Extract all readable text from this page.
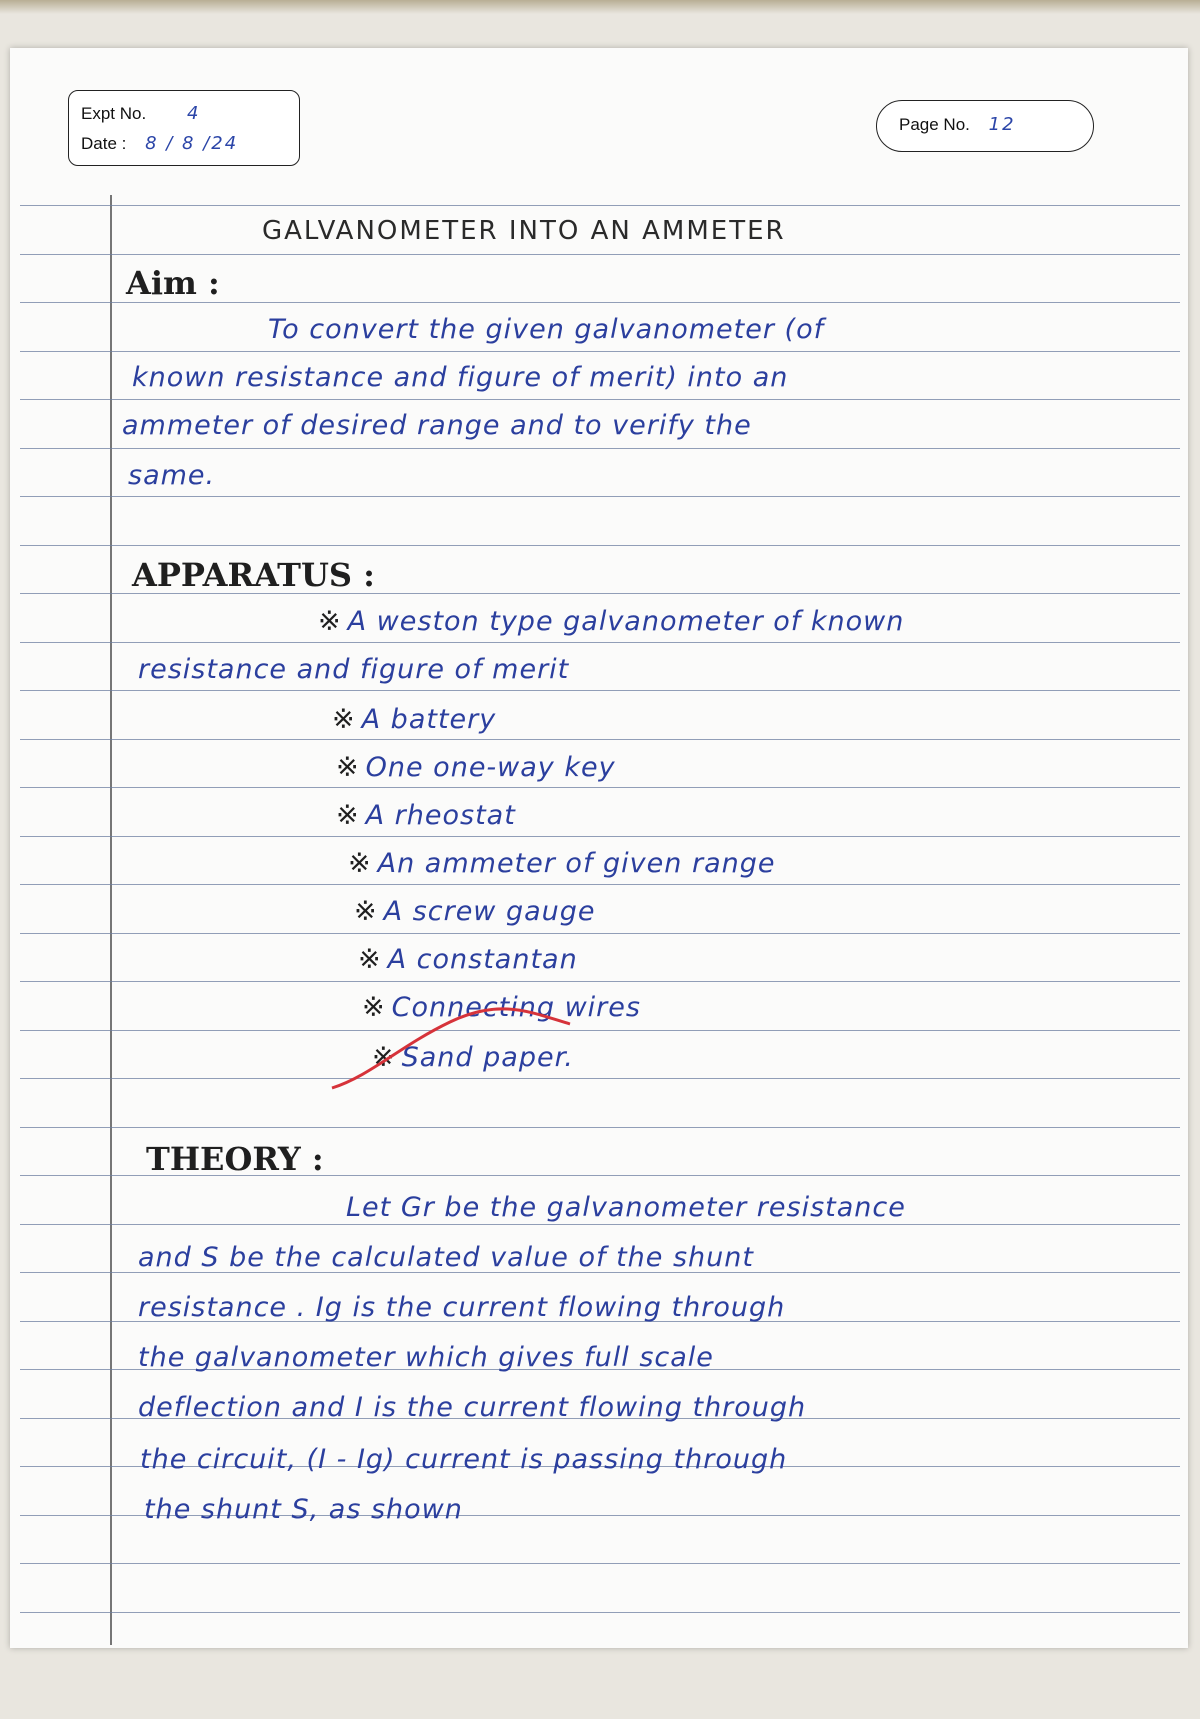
Expt No. 4
Date : 8 / 8 /24
Page No. 12
GALVANOMETER INTO AN AMMETER
Aim :
To convert the given galvanometer (of
known resistance and figure of merit) into an
ammeter of desired range and to verify the
same.
APPARATUS :
※ A weston type galvanometer of known
resistance and figure of merit
※ A battery
※ One one-way key
※ A rheostat
※ An ammeter of given range
※ A screw gauge
※ A constantan
※ Connecting wires
※ Sand paper.
THEORY :
Let Gr be the galvanometer resistance
and S be the calculated value of the shunt
resistance . Ig is the current flowing through
the galvanometer which gives full scale
deflection and I is the current flowing through
the circuit, (I - Ig) current is passing through
the shunt S, as shown
